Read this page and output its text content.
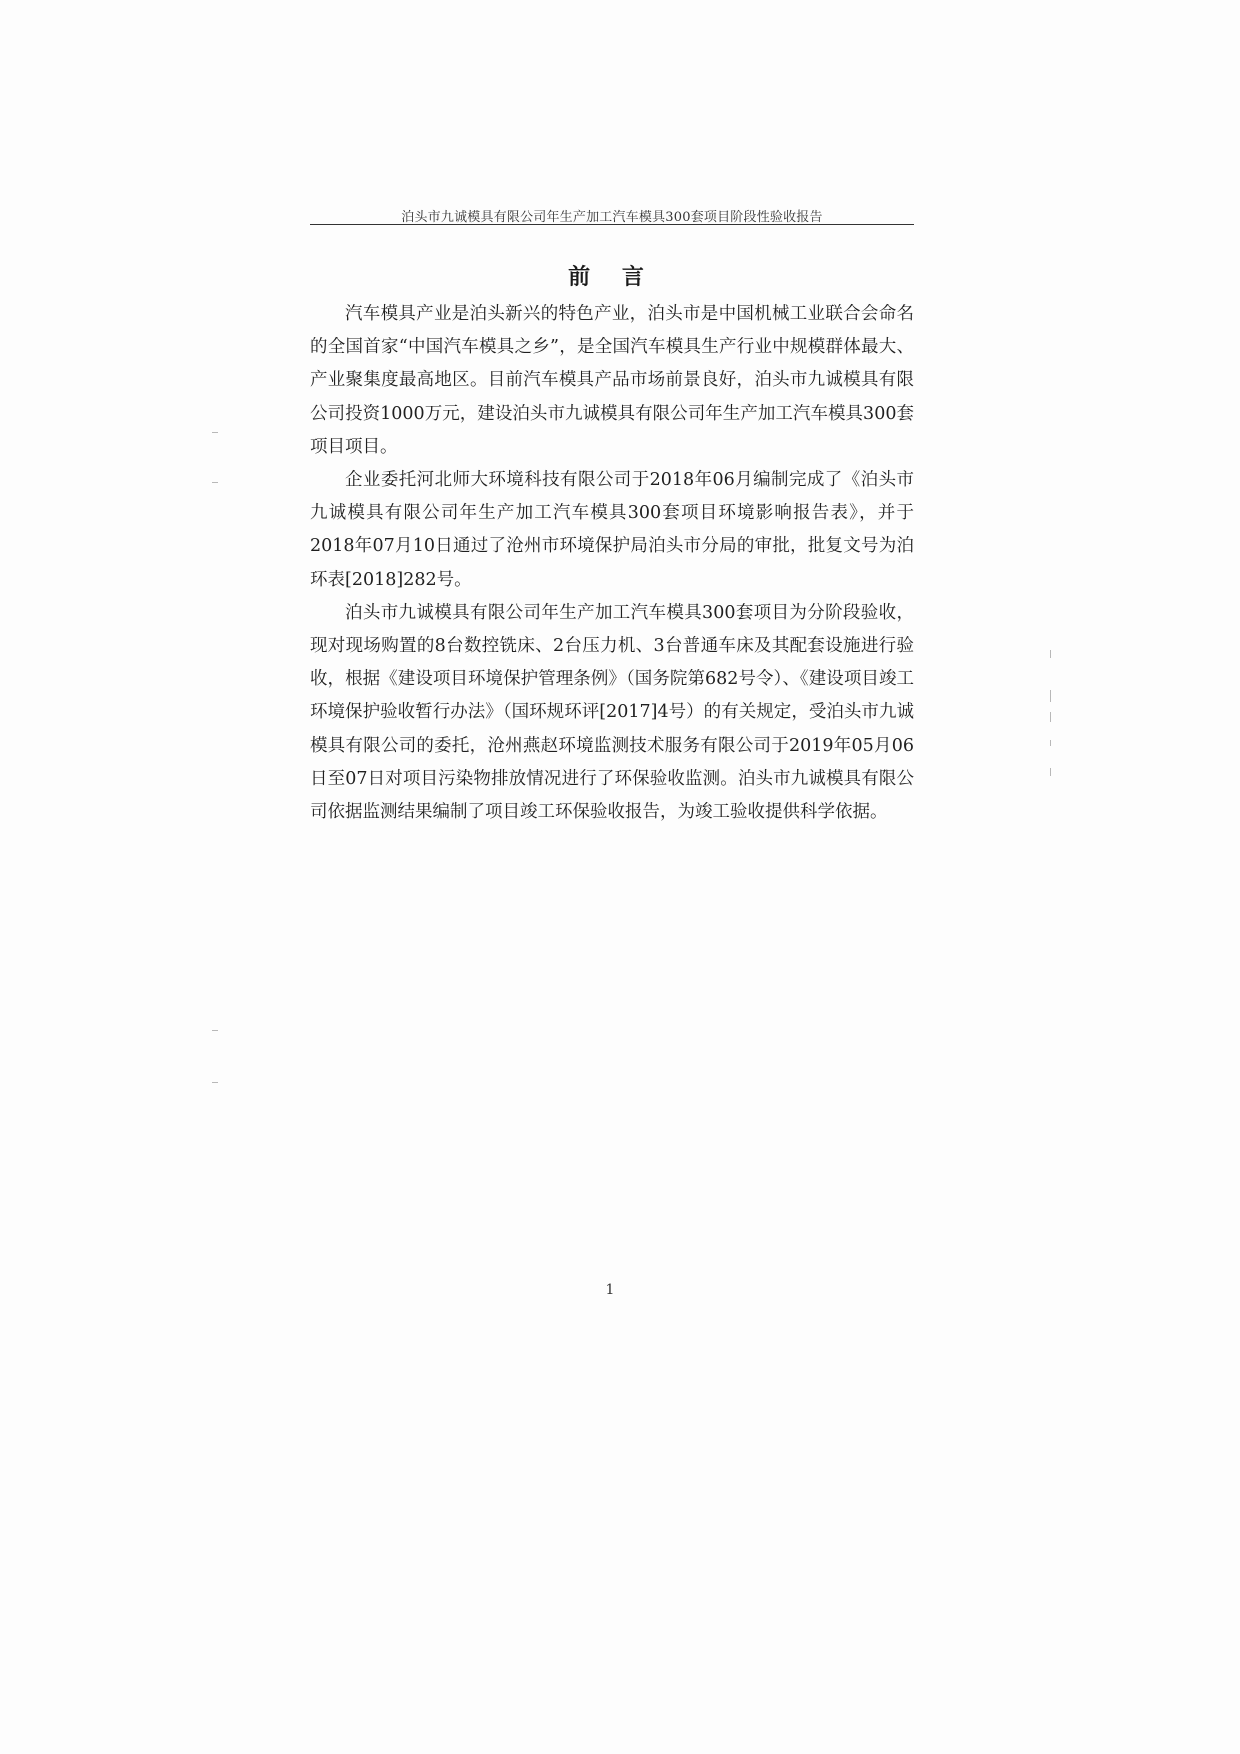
泊头市九诚模具有限公司年生产加工汽车模具300套项目阶段性验收报告
前 言

汽车模具产业是泊头新兴的特色产业，泊头市是中国机械工业联合会命名的全国首家“中国汽车模具之乡”，是全国汽车模具生产行业中规模群体最大、产业聚集度最高地区。目前汽车模具产品市场前景良好，泊头市九诚模具有限公司投资1000万元，建设泊头市九诚模具有限公司年生产加工汽车模具300套项目项目。

企业委托河北师大环境科技有限公司于2018年06月编制完成了《泊头市九诚模具有限公司年生产加工汽车模具300套项目环境影响报告表》，并于2018年07月10日通过了沧州市环境保护局泊头市分局的审批，批复文号为泊环表[2018]282号。

泊头市九诚模具有限公司年生产加工汽车模具300套项目为分阶段验收，现对现场购置的8台数控铣床、2台压力机、3台普通车床及其配套设施进行验收，根据《建设项目环境保护管理条例》（国务院第682号令）、《建设项目竣工环境保护验收暂行办法》（国环规环评[2017]4号）的有关规定，受泊头市九诚模具有限公司的委托，沧州燕赵环境监测技术服务有限公司于2019年05月06日至07日对项目污染物排放情况进行了环保验收监测。泊头市九诚模具有限公司依据监测结果编制了项目竣工环保验收报告，为竣工验收提供科学依据。

1
